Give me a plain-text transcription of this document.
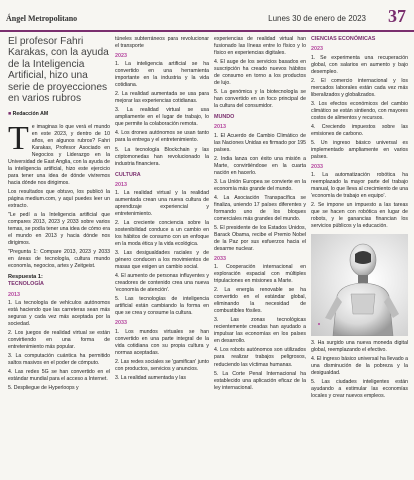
Ángel Metropolitano	Lunes 30 de enero de 2023 37
El profesor Fahri Karakas, con la ayuda de la Inteligencia Artificial, hizo una serie de proyecciones en varios rubros
■ Redacción AM
T e imaginas lo que verá el mundo en este 2023, y dentro de 10 años, en algunos rubros? Fahri Karakas, Profesor Asociado en Negocios y Liderazgo en la Universidad de East Anglia, con la ayuda de la inteligencia artificial, hizo este ejercicio para tener una idea de dónde viviremos hacia dónde nos dirigimos.

Los resultados que obtuvo, los publicó la página medium.com, y aquí puedes leer un extracto.

"Le pedí a la Inteligencia artificial que compares 2013, 2023 y 2033 sobre varios temas, se podía tener una idea de cómo era el mundo en 2013 y hacia dónde nos dirigimos.

"Pregunta 1: Compare 2013, 2023 y 2033 en áreas de tecnología, cultura mundo economía, negocios, artes y Zeitgeist.

Respuesta 1:
TECNOLOGÍA
2013

1. La tecnología de vehículos autónomos está haciendo que las carreteras sean más seguras y cada vez más aceptada por la sociedad.

2. Los juegos de realidad virtual se están convirtiendo en una forma de entretenimiento más popular.

3. La computación cuántica ha permitido saltos masivos en el poder de cómputo.

4. Las redes 5G se han convertido en el estándar mundial para el acceso a Internet.

5. Despliegue de Hyperloops y

túneles subterráneos para revolucionar el transporte

2023

1. La inteligencia artificial se ha convertido en una herramienta importante en la industria y la vida cotidiana.

2. La realidad aumentada se usa para mejorar las experiencias cotidianas.

3. La realidad virtual se usa ampliamente en el lugar de trabajo, lo que permite la colaboración remota.

4. Los drones autónomos se usan tanto para la entrega y el entretenimiento.

5. La tecnología Blockchain y las criptomonedas han revolucionado la industria financiera.

CULTURA
2013

1. La realidad virtual y la realidad aumentada crean una nueva cultura de aprendizaje experiencial y entretenimiento.

2. La creciente conciencia sobre la sostenibilidad conduce a un cambio en los hábitos de consumo con un enfoque en la moda ética y la vida ecológica.

3. Las desigualdades raciales y de género conducen a los movimientos de masas que exigen un cambio social.

4. El aumento de personas influyentes y creadores de contenido crea una nueva 'economía de atención'.

5. Las tecnologías de inteligencia artificial están cambiando la forma en que se crea y consume la cultura.

2033

1. Los mundos virtuales se han convertido en una parte integral de la vida cotidiana con su propia cultura y normas aceptadas.

2. Las redes sociales se 'gamifican' junto con productos, servicios y anuncios.

3. La realidad aumentada y las

experiencias de realidad virtual han fusionado las líneas entre lo físico y lo físico en experiencias digitales.

4. El auge de los servicios basados en suscripción ha creado nuevos hábitos de consumo en torno a los productos de lujo.

5. La genómica y la biotecnología se han convertido en un foco principal de la cultura del consumidor.

MUNDO
2013

1. El Acuerdo de Cambio Climático de las Naciones Unidas es firmado por 195 países.

2. India lanza con éxito una misión a Marte, convirtiéndose en la cuarta nación en hacerlo.

3. La Unión Europea se convierte en la economía más grande del mundo.

4. La Asociación Transpacífica se finaliza, uniendo 17 países diferentes y formando uno de los bloques comerciales más grandes del mundo.

5. El presidente de los Estados Unidos, Barack Obama, recibe el Premio Nobel de la Paz por sus esfuerzos hacia el desarme nuclear.

2033

1. Cooperación internacional en exploración espacial con múltiples tripulaciones en misiones a Marte.

2. La energía renovable se ha convertido en el estándar global, eliminando la necesidad de combustibles fósiles.

3. Las zonas tecnológicas recientemente creadas han ayudado a impulsar las economías en los países en desarrollo.

4. Los robots autónomos son utilizados para realizar trabajos peligrosos, reduciendo las víctimas humanas.

5. La Corte Penal Internacional ha establecido una aplicación eficaz de la ley internacional.

CIENCIAS ECONÓMICAS
2023

1. Se experimenta una recuperación global, con salarios en aumento y bajo desempleo.

2. El comercio internacional y los mercados laborales están cada vez más liberalizados y globalizados.

3. Los efectos económicos del cambio climático se están sintiendo, con mayores costos de alimentos y recursos.

4. Creciendo impuestos sobre las emisiones de carbono.

5. Un ingreso básico universal es implementado ampliamente en varios países.

2033

1. La automatización robótica ha reemplazado la mayor parte del trabajo manual, lo que lleva al crecimiento de una 'economía de trabajo en equipo'.

2. Se impone un impuesto a las tareas que se hacen con robótica en lugar de robots, y le ganancias financian los servicios públicos y la educación.

3. Ha surgido una nueva moneda digital global, reemplazando el efectivo.

4. El ingreso básico universal ha llevado a una disminución de la pobreza y la desigualdad.

5. Las ciudades inteligentes están ayudando a estimular las economías locales y crear nuevos empleos.
